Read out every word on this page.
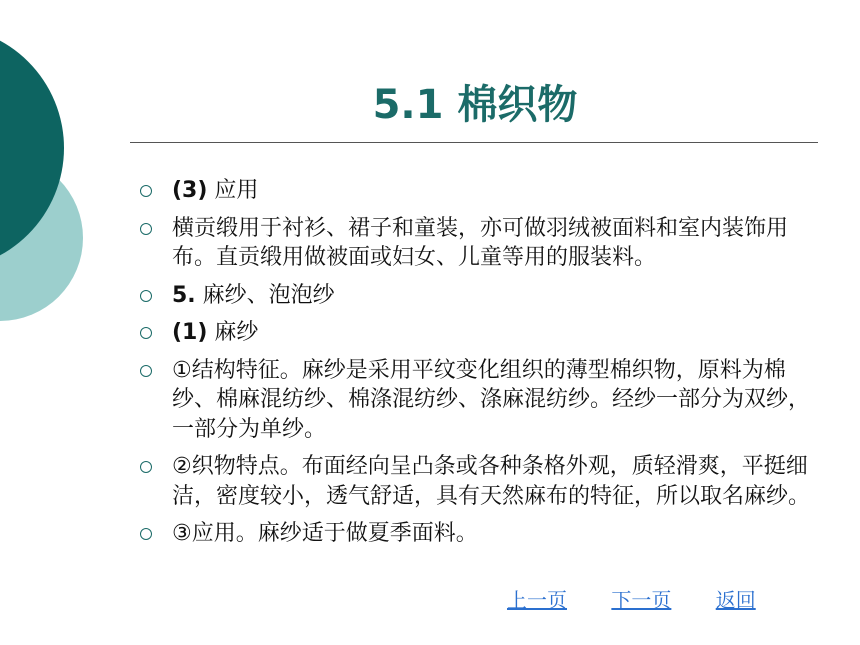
5.1 棉织物
(3) 应用
横贡缎用于衬衫、裙子和童装，亦可做羽绒被面料和室内装饰用布。直贡缎用做被面或妇女、儿童等用的服装料。
5. 麻纱、泡泡纱
(1) 麻纱
①结构特征。麻纱是采用平纹变化组织的薄型棉织物，原料为棉纱、棉麻混纺纱、棉涤混纺纱、涤麻混纺纱。经纱一部分为双纱，一部分为单纱。
②织物特点。布面经向呈凸条或各种条格外观，质轻滑爽，平挺细洁，密度较小，透气舒适，具有天然麻布的特征，所以取名麻纱。
③应用。麻纱适于做夏季面料。
上一页 下一页 返回
